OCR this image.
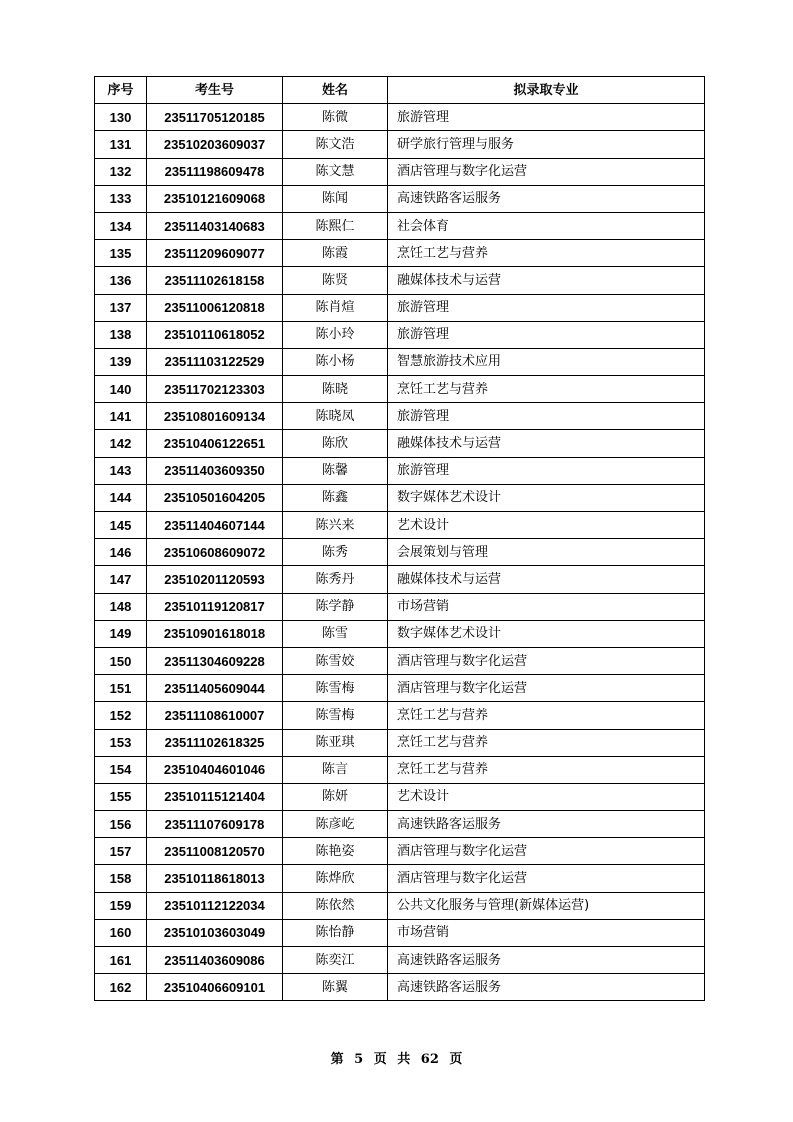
序号	考生号	姓名	拟录取专业
130	23511705120185	陈微	旅游管理
131	23510203609037	陈文浩	研学旅行管理与服务
132	23511198609478	陈文慧	酒店管理与数字化运营
133	23510121609068	陈闻	高速铁路客运服务
134	23511403140683	陈熙仁	社会体育
135	23511209609077	陈霞	烹饪工艺与营养
136	23511102618158	陈贤	融媒体技术与运营
137	23511006120818	陈肖煊	旅游管理
138	23510110618052	陈小玲	旅游管理
139	23511103122529	陈小杨	智慧旅游技术应用
140	23511702123303	陈晓	烹饪工艺与营养
141	23510801609134	陈晓凤	旅游管理
142	23510406122651	陈欣	融媒体技术与运营
143	23511403609350	陈馨	旅游管理
144	23510501604205	陈鑫	数字媒体艺术设计
145	23511404607144	陈兴来	艺术设计
146	23510608609072	陈秀	会展策划与管理
147	23510201120593	陈秀丹	融媒体技术与运营
148	23510119120817	陈学静	市场营销
149	23510901618018	陈雪	数字媒体艺术设计
150	23511304609228	陈雪姣	酒店管理与数字化运营
151	23511405609044	陈雪梅	酒店管理与数字化运营
152	23511108610007	陈雪梅	烹饪工艺与营养
153	23511102618325	陈亚琪	烹饪工艺与营养
154	23510404601046	陈言	烹饪工艺与营养
155	23510115121404	陈妍	艺术设计
156	23511107609178	陈彦屹	高速铁路客运服务
157	23511008120570	陈艳姿	酒店管理与数字化运营
158	23510118618013	陈烨欣	酒店管理与数字化运营
159	23510112122034	陈依然	公共文化服务与管理(新媒体运营)
160	23510103603049	陈怡静	市场营销
161	23511403609086	陈奕江	高速铁路客运服务
162	23510406609101	陈翼	高速铁路客运服务
第 5 页 共 62 页
